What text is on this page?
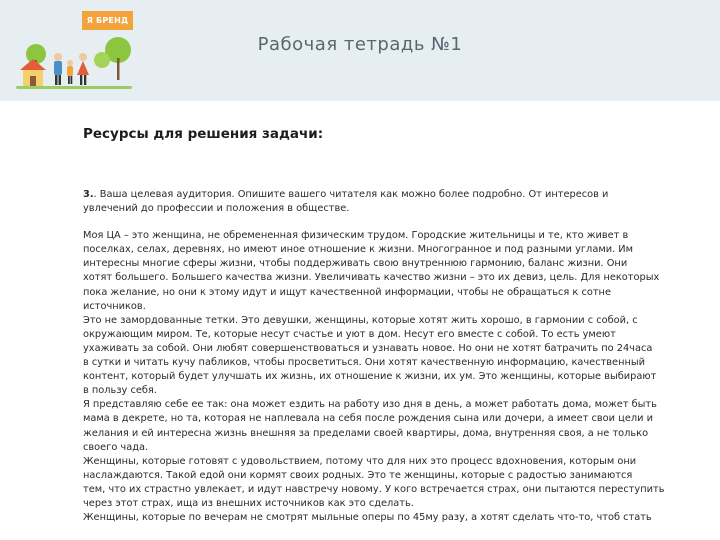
Я БРЕНД
Рабочая тетрадь №1
Ресурсы для решения задачи:

3.. Ваша целевая аудитория. Опишите вашего читателя как можно более подробно. От интересов и увлечений до профессии и положения в обществе.

Моя ЦА – это женщина, не обремененная физическим трудом. Городские жительницы и те, кто живет в
поселках, селах, деревнях, но имеют иное отношение к жизни. Многогранное и под разными углами. Им
интересны многие сферы жизни, чтобы поддерживать свою внутреннюю гармонию, баланс жизни. Они
хотят большего. Большего качества жизни. Увеличивать качество жизни – это их девиз, цель. Для некоторых
пока желание, но они к этому идут и ищут качественной информации, чтобы не обращаться к сотне
источников.
Это не замордованные тетки. Это девушки, женщины, которые хотят жить хорошо, в гармонии с собой, с
окружающим миром. Те, которые несут счастье и уют в дом. Несут его вместе с собой. То есть умеют
ухаживать за собой. Они любят совершенствоваться и узнавать новое. Но они не хотят батрачить по 24часа
в сутки и читать кучу пабликов, чтобы просветиться. Они хотят качественную информацию, качественный
контент, который будет улучшать их жизнь, их отношение к жизни, их ум. Это женщины, которые выбирают
в пользу себя.
Я представляю себе ее так: она может ездить на работу изо дня в день, а может работать дома, может быть
мама в декрете, но та, которая не наплевала на себя после рождения сына или дочери, а имеет свои цели и
желания и ей интересна жизнь внешняя за пределами своей квартиры, дома, внутренняя своя, а не только
своего чада.
Женщины, которые готовят с удовольствием, потому что для них это процесс вдохновения, которым они
наслаждаются. Такой едой они кормят своих родных. Это те женщины, которые с радостью занимаются
тем, что их страстно увлекает, и идут навстречу новому. У кого встречается страх, они пытаются переступить
через этот страх, ища из внешних источников как это сделать.
Женщины, которые по вечерам не смотрят мыльные оперы по 45му разу, а хотят сделать что-то, чтоб стать
